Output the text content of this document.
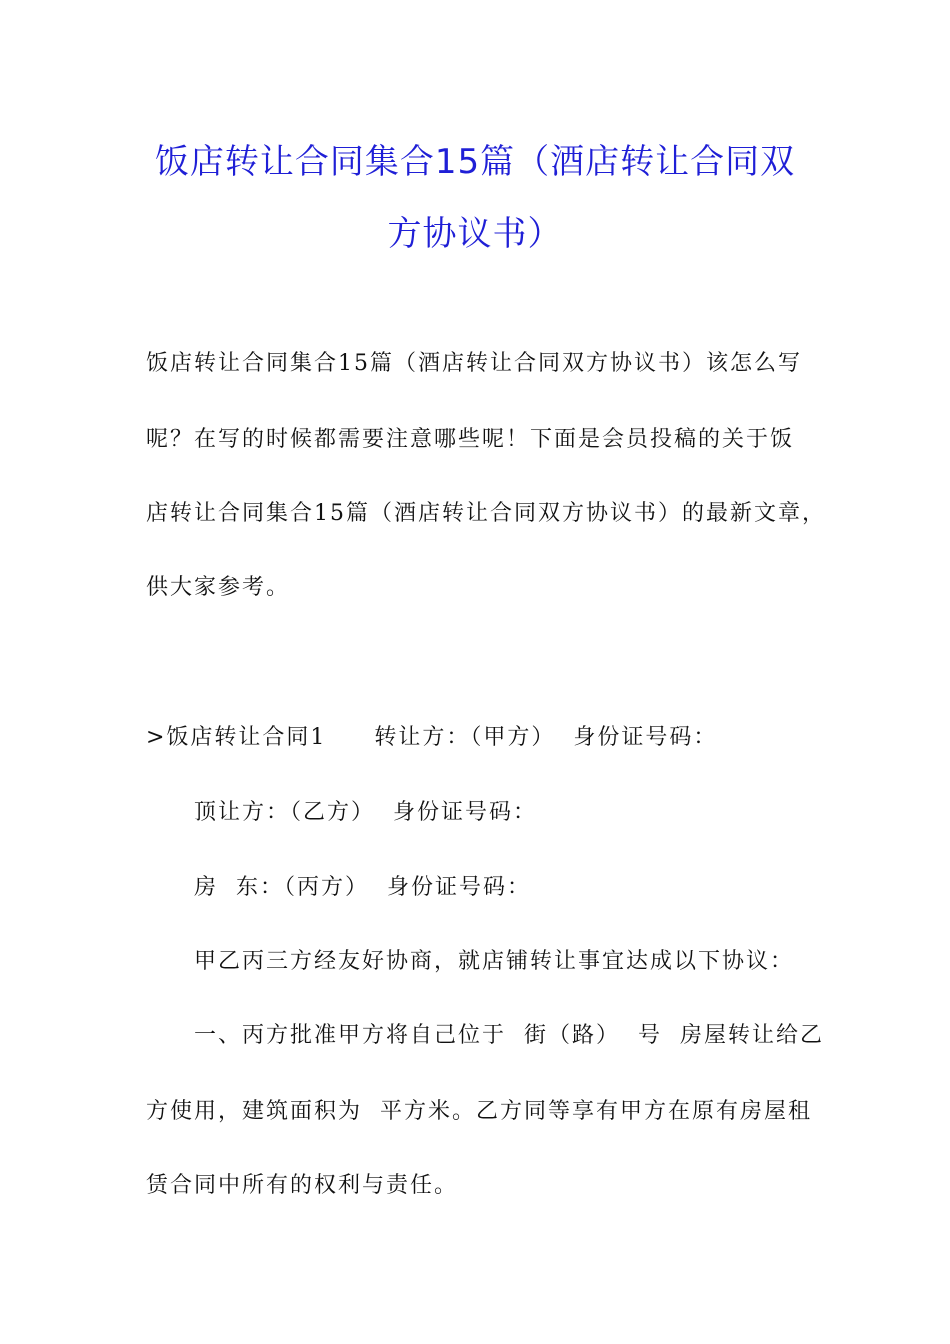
饭店转让合同集合15篇（酒店转让合同双
方协议书）

饭店转让合同集合15篇（酒店转让合同双方协议书）该怎么写

呢？在写的时候都需要注意哪些呢！下面是会员投稿的关于饭

店转让合同集合15篇（酒店转让合同双方协议书）的最新文章，

供大家参考。

>饭店转让合同1　　转让方：（甲方）  身份证号码：

顶让方：（乙方）  身份证号码：

房  东：（丙方）  身份证号码：

甲乙丙三方经友好协商，就店铺转让事宜达成以下协议：

一、丙方批准甲方将自己位于  街（路）  号  房屋转让给乙

方使用，建筑面积为  平方米。乙方同等享有甲方在原有房屋租

赁合同中所有的权利与责任。
